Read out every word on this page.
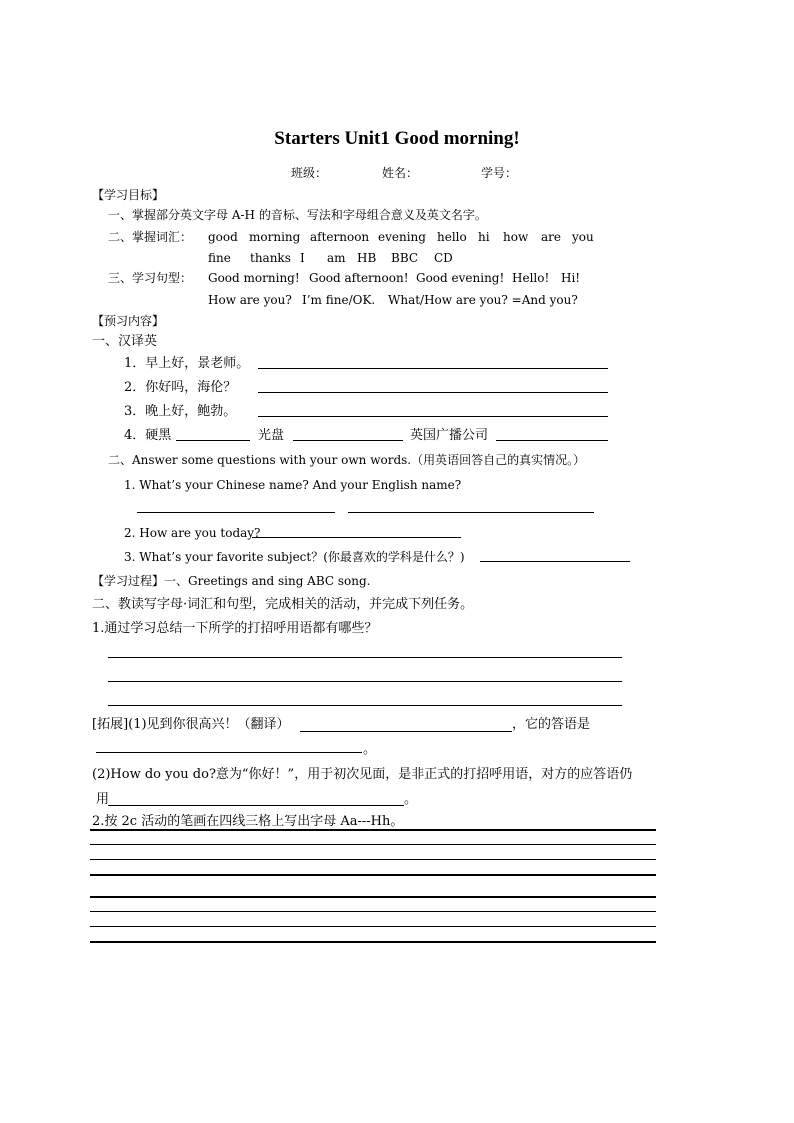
Starters Unit1 Good morning!
班级：	姓名：	学号：
【学习目标】
一、掌握部分英文字母 A-H 的音标、写法和字母组合意义及英文名字。
二、掌握词汇： good morning afternoon evening hello hi how are you
fine thanks I am HB BBC CD
三、学习句型： Good morning! Good afternoon! Good evening! Hello! Hi!
How are you? I’m fine/OK. What/How are you? =And you?
【预习内容】
一、汉译英
1．早上好，景老师。
2．你好吗，海伦？
3．晚上好，鲍勃。
4．硬黑	光盘	英国广播公司
二、Answer some questions with your own words.（用英语回答自己的真实情况。）
1. What’s your Chinese name? And your English name?
2. How are you today?
3. What’s your favorite subject？(你最喜欢的学科是什么？)
【学习过程】一、Greetings and sing ABC song.
二、教读写字母·词汇和句型，完成相关的活动，并完成下列任务。
1.通过学习总结一下所学的打招呼用语都有哪些？
[拓展](1)见到你很高兴！（翻译）	，它的答语是
。
(2)How do you do?意为“你好！”，用于初次见面，是非正式的打招呼用语，对方的应答语仍
用	。
2.按 2c 活动的笔画在四线三格上写出字母 Aa---Hh。
